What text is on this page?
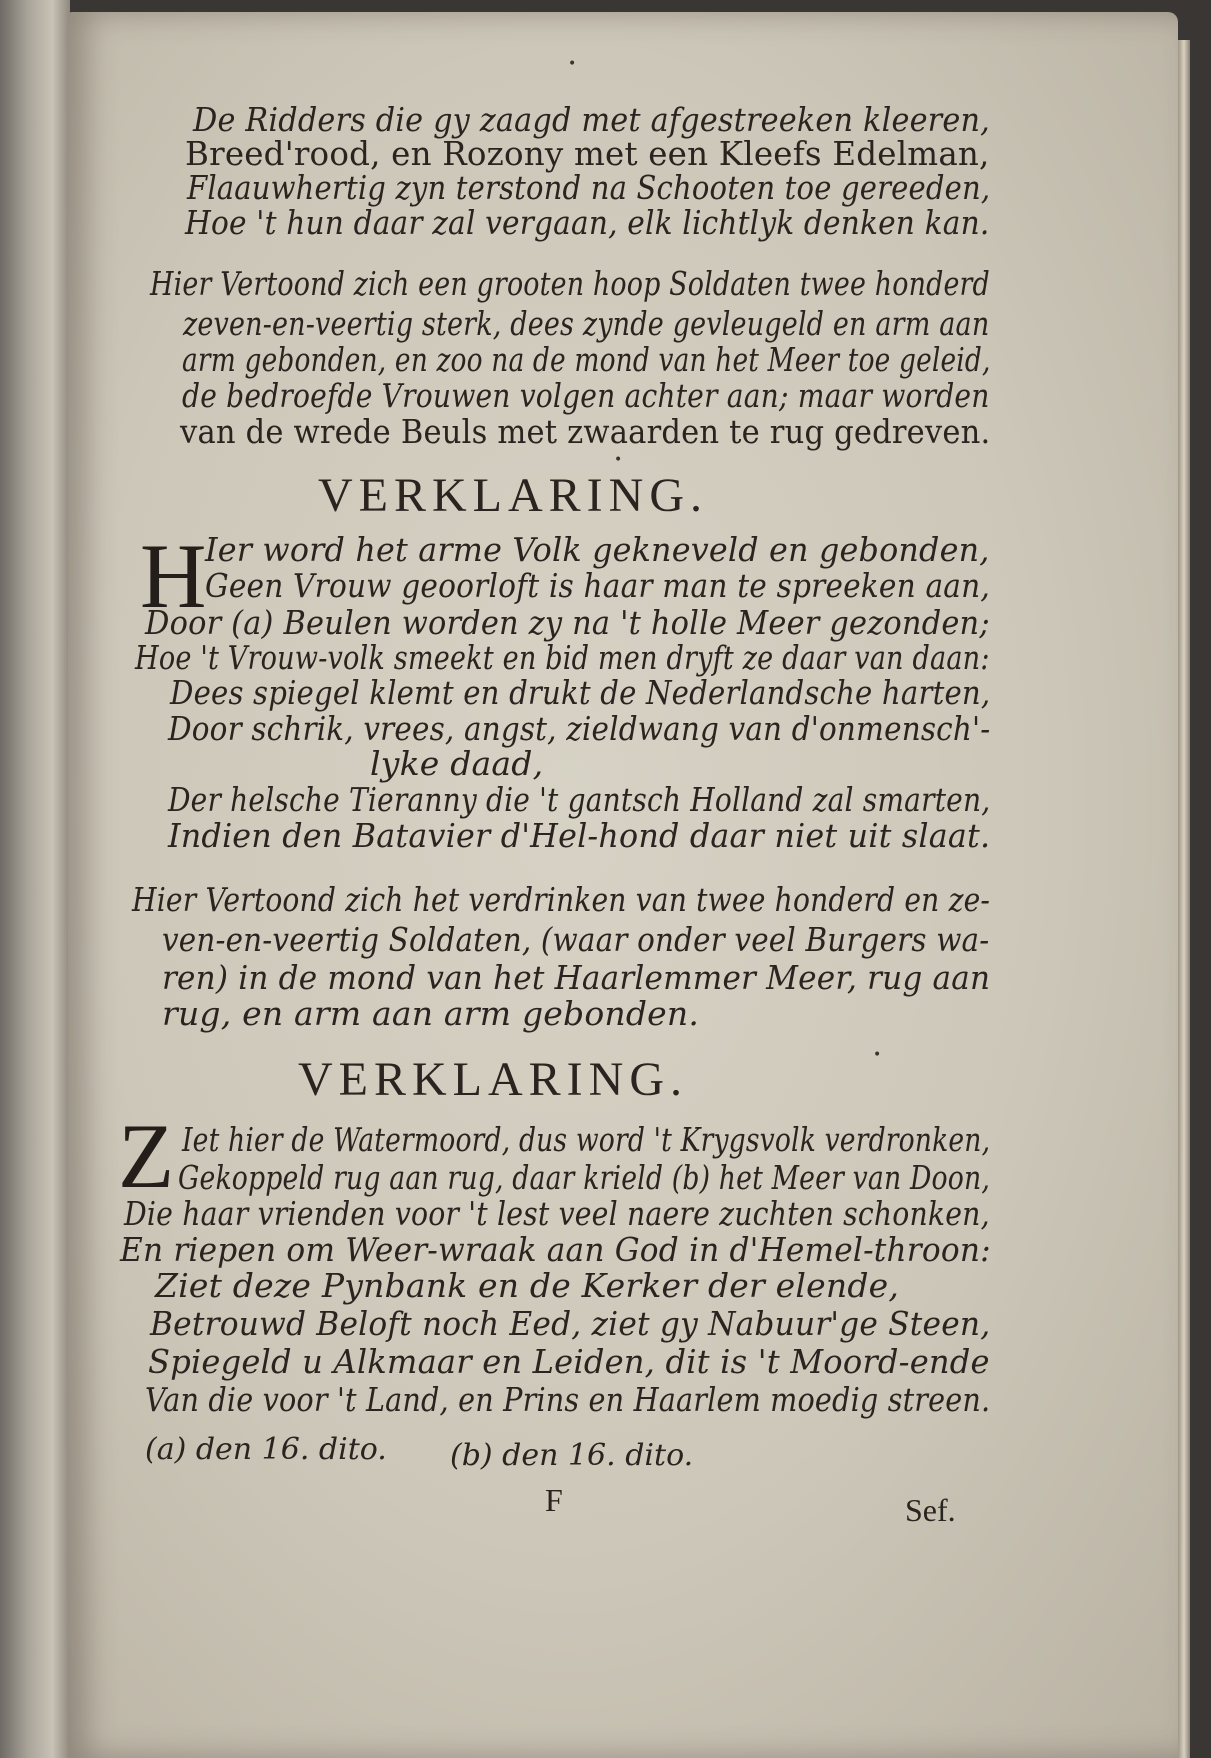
•
De Ridders die gy zaagd met afgestreeken kleeren,
Breed'rood, en Rozony met een Kleefs Edelman,
Flaauwhertig zyn terstond na Schooten toe gereeden,
Hoe 't hun daar zal vergaan, elk lichtlyk denken kan.
Hier Vertoond zich een grooten hoop Soldaten twee honderd
zeven-en-veertig sterk, dees zynde gevleugeld en arm aan
arm gebonden, en zoo na de mond van het Meer toe geleid,
de bedroefde Vrouwen volgen achter aan; maar worden
van de wrede Beuls met zwaarden te rug gedreven.
•
VERKLARING.
H
Ier word het arme Volk gekneveld en gebonden,
Geen Vrouw geoorloft is haar man te spreeken aan,
Door (a) Beulen worden zy na 't holle Meer gezonden;
Hoe 't Vrouw-volk smeekt en bid men dryft ze daar van daan:
Dees spiegel klemt en drukt de Nederlandsche harten,
Door schrik, vrees, angst, zieldwang van d'onmensch'-
lyke daad,
Der helsche Tieranny die 't gantsch Holland zal smarten,
Indien den Batavier d'Hel-hond daar niet uit slaat.
Hier Vertoond zich het verdrinken van twee honderd en ze-
ven-en-veertig Soldaten, (waar onder veel Burgers wa-
ren) in de mond van het Haarlemmer Meer, rug aan
rug, en arm aan arm gebonden.
•
VERKLARING.
Z Iet hier de Watermoord, dus word 't Krygsvolk verdronken,
Gekoppeld rug aan rug, daar krield (b) het Meer van Doon,
Die haar vrienden voor 't lest veel naere zuchten schonken,
En riepen om Weer-wraak aan God in d'Hemel-throon:
Ziet deze Pynbank en de Kerker der elende,
Betrouwd Beloft noch Eed, ziet gy Nabuur'ge Steen,
Spiegeld u Alkmaar en Leiden, dit is 't Moord-ende
Van die voor 't Land, en Prins en Haarlem moedig streen.
(a) den 16. dito. (b) den 16. dito.
F	Sef.
